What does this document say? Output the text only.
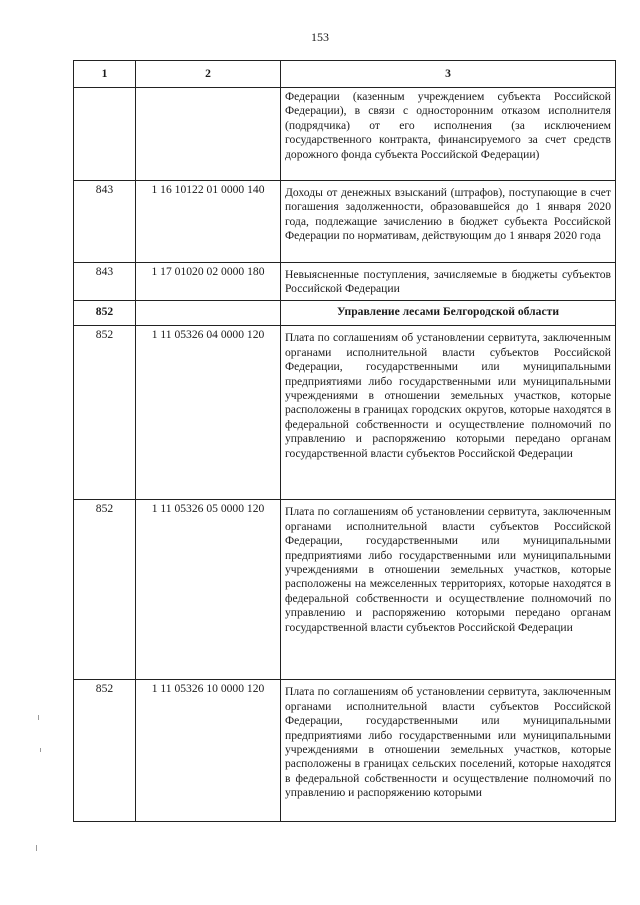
153
1	2	3
		Федерации (казенным учреждением субъекта Российской Федерации), в связи с односторонним отказом исполнителя (подрядчика) от его исполнения (за исключением государственного контракта, финансируемого за счет средств дорожного фонда субъекта Российской Федерации)
843	1 16 10122 01 0000 140	Доходы от денежных взысканий (штрафов), поступающие в счет погашения задолженности, образовавшейся до 1 января 2020 года, подлежащие зачислению в бюджет субъекта Российской Федерации по нормативам, действующим до 1 января 2020 года
843	1 17 01020 02 0000 180	Невыясненные поступления, зачисляемые в бюджеты субъектов Российской Федерации
852		Управление лесами Белгородской области
852	1 11 05326 04 0000 120	Плата по соглашениям об установлении сервитута, заключенным органами исполнительной власти субъектов Российской Федерации, государственными или муниципальными предприятиями либо государственными или муниципальными учреждениями в отношении земельных участков, которые расположены в границах городских округов, которые находятся в федеральной собственности и осуществление полномочий по управлению и распоряжению которыми передано органам государственной власти субъектов Российской Федерации
852	1 11 05326 05 0000 120	Плата по соглашениям об установлении сервитута, заключенным органами исполнительной власти субъектов Российской Федерации, государственными или муниципальными предприятиями либо государственными или муниципальными учреждениями в отношении земельных участков, которые расположены на межселенных территориях, которые находятся в федеральной собственности и осуществление полномочий по управлению и распоряжению которыми передано органам государственной власти субъектов Российской Федерации
852	1 11 05326 10 0000 120	Плата по соглашениям об установлении сервитута, заключенным органами исполнительной власти субъектов Российской Федерации, государственными или муниципальными предприятиями либо государственными или муниципальными учреждениями в отношении земельных участков, которые расположены в границах сельских поселений, которые находятся в федеральной собственности и осуществление полномочий по управлению и распоряжению которыми
